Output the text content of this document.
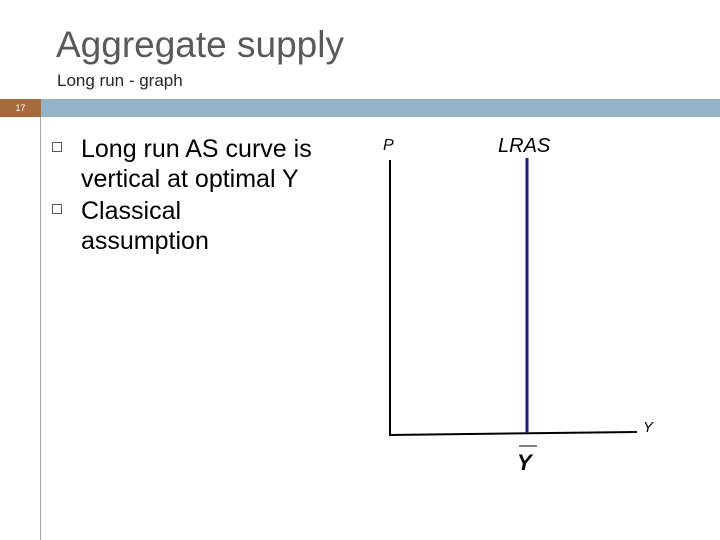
Aggregate supply
Long run - graph
17
Long run AS curve is vertical at optimal Y
Classical assumption
P	LRAS
Y
Y
